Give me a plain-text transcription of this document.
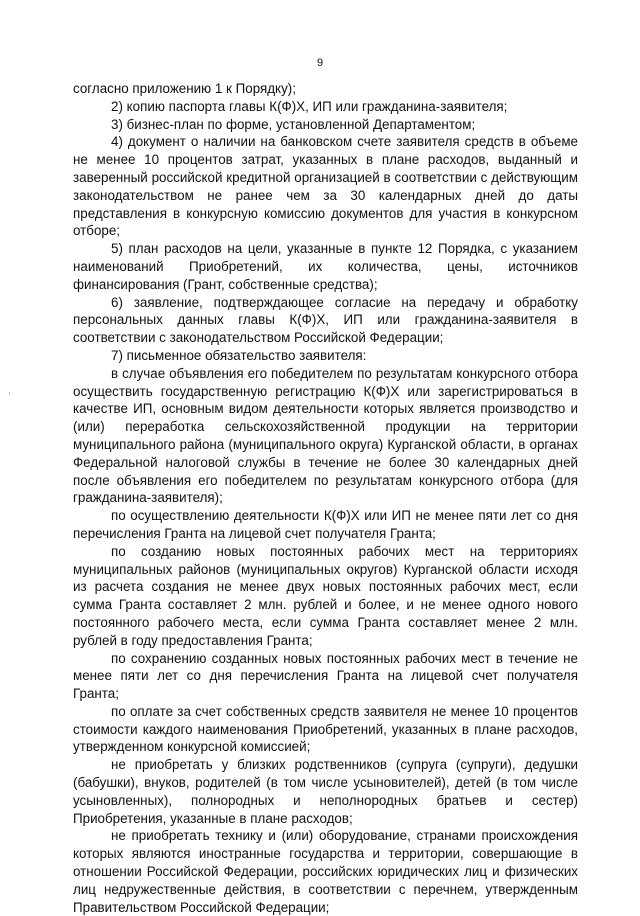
9

согласно приложению 1 к Порядку);

2) копию паспорта главы К(Ф)Х, ИП или гражданина-заявителя;

3) бизнес-план по форме, установленной Департаментом;

4) документ о наличии на банковском счете заявителя средств в объеме не менее 10 процентов затрат, указанных в плане расходов, выданный и заверенный российской кредитной организацией в соответствии с действующим законодательством не ранее чем за 30 календарных дней до даты представления в конкурсную комиссию документов для участия в конкурсном отборе;

5) план расходов на цели, указанные в пункте 12 Порядка, с указанием наименований Приобретений, их количества, цены, источников финансирования (Грант, собственные средства);

6) заявление, подтверждающее согласие на передачу и обработку персональных данных главы К(Ф)Х, ИП или гражданина-заявителя в соответствии с законодательством Российской Федерации;

7) письменное обязательство заявителя:

в случае объявления его победителем по результатам конкурсного отбора осуществить государственную регистрацию К(Ф)Х или зарегистрироваться в качестве ИП, основным видом деятельности которых является производство и (или) переработка сельскохозяйственной продукции на территории муниципального района (муниципального округа) Курганской области, в органах Федеральной налоговой службы в течение не более 30 календарных дней после объявления его победителем по результатам конкурсного отбора (для гражданина-заявителя);

по осуществлению деятельности К(Ф)Х или ИП не менее пяти лет со дня перечисления Гранта на лицевой счет получателя Гранта;

по созданию новых постоянных рабочих мест на территориях муниципальных районов (муниципальных округов) Курганской области исходя из расчета создания не менее двух новых постоянных рабочих мест, если сумма Гранта составляет 2 млн. рублей и более, и не менее одного нового постоянного рабочего места, если сумма Гранта составляет менее 2 млн. рублей в году предоставления Гранта;

по сохранению созданных новых постоянных рабочих мест в течение не менее пяти лет со дня перечисления Гранта на лицевой счет получателя Гранта;

по оплате за счет собственных средств заявителя не менее 10 процентов стоимости каждого наименования Приобретений, указанных в плане расходов, утвержденном конкурсной комиссией;

не приобретать у близких родственников (супруга (супруги), дедушки (бабушки), внуков, родителей (в том числе усыновителей), детей (в том числе усыновленных), полнородных и неполнородных братьев и сестер) Приобретения, указанные в плане расходов;

не приобретать технику и (или) оборудование, странами происхождения которых являются иностранные государства и территории, совершающие в отношении Российской Федерации, российских юридических лиц и физических лиц недружественные действия, в соответствии с перечнем, утвержденным Правительством Российской Федерации;
